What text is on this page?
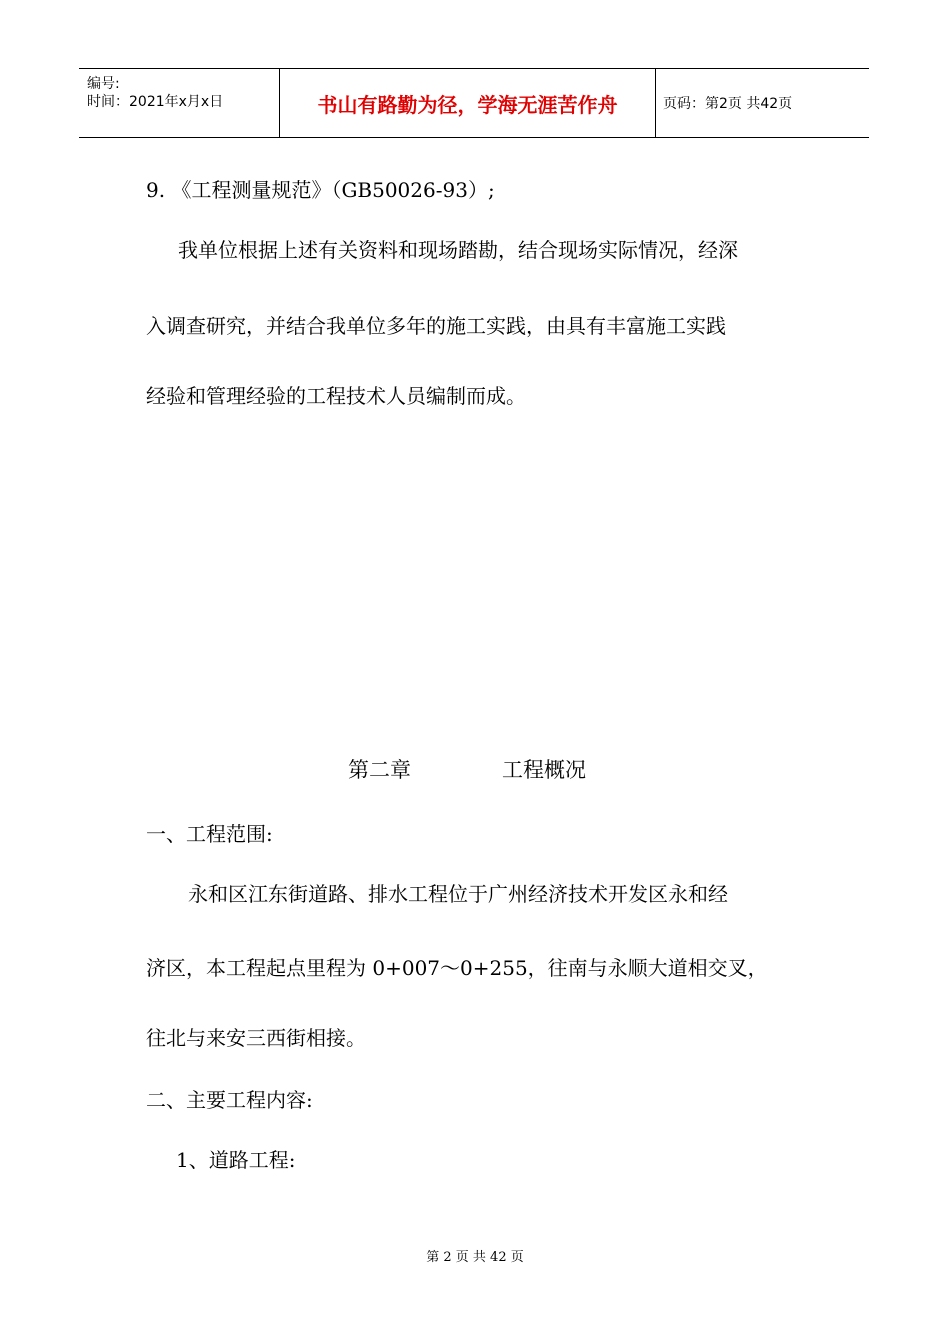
编号:
时间：2021年x月x日	书山有路勤为径，学海无涯苦作舟	页码：第2页 共42页
9. 《工程测量规范》（GB50026-93）;
我单位根据上述有关资料和现场踏勘，结合现场实际情况，经深
入调查研究，并结合我单位多年的施工实践，由具有丰富施工实践
经验和管理经验的工程技术人员编制而成。
第二章	工程概况
一、工程范围:
永和区江东街道路、排水工程位于广州经济技术开发区永和经
济区，本工程起点里程为 0+007～0+255，往南与永顺大道相交叉，
往北与来安三西街相接。
二、主要工程内容:
1、道路工程:
第 2 页 共 42 页
